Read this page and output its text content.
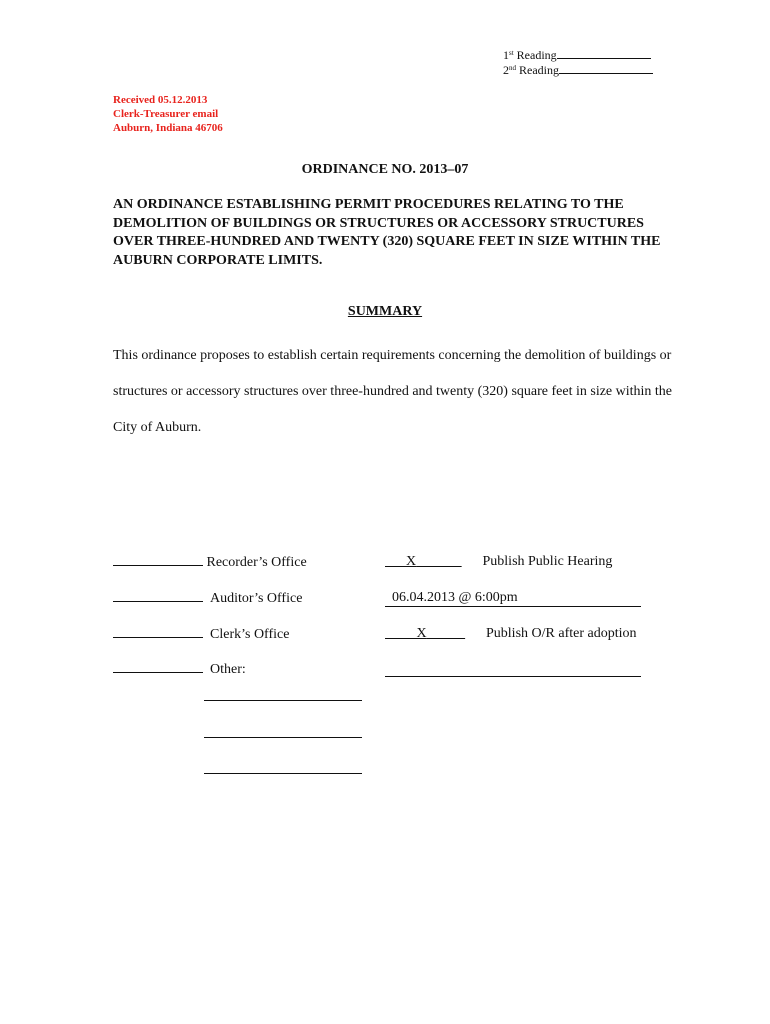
1st Reading
2nd Reading
Received 05.12.2013
Clerk-Treasurer email
Auburn, Indiana 46706
ORDINANCE NO. 2013–07
AN ORDINANCE ESTABLISHING PERMIT PROCEDURES RELATING TO THE DEMOLITION OF BUILDINGS OR STRUCTURES OR ACCESSORY STRUCTURES OVER THREE-HUNDRED AND TWENTY (320) SQUARE FEET IN SIZE WITHIN THE AUBURN CORPORATE LIMITS.
SUMMARY
This ordinance proposes to establish certain requirements concerning the demolition of buildings or structures or accessory structures over three-hundred and twenty (320) square feet in size within the City of Auburn.
Recorder’s Office
Auditor’s Office
Clerk’s Office
Other:
X	Publish Public Hearing
06.04.2013 @ 6:00pm
X	Publish O/R after adoption
